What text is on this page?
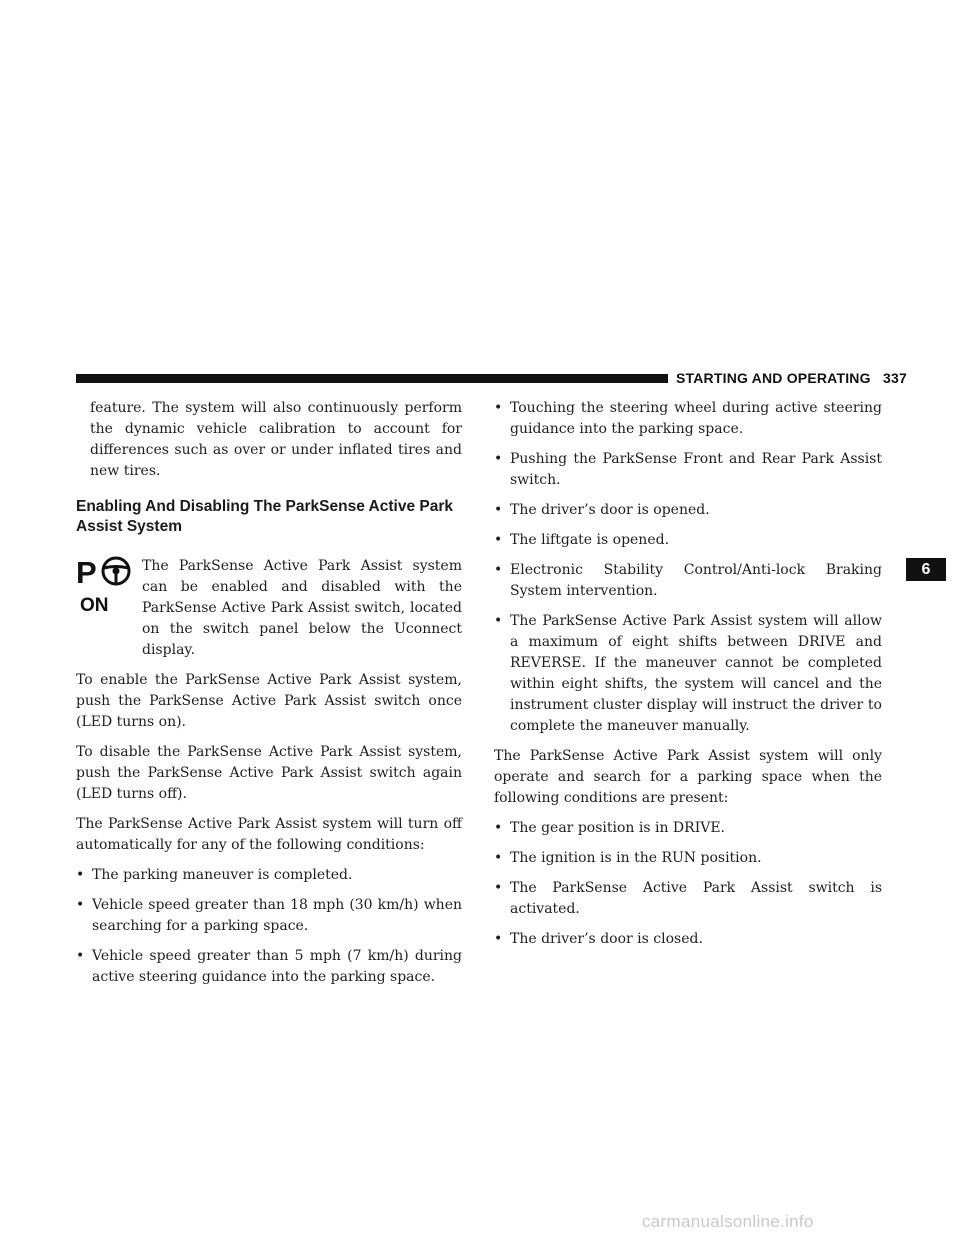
STARTING AND OPERATING 337

feature. The system will also continuously perform the dynamic vehicle calibration to account for differences such as over or under inflated tires and new tires.

Enabling And Disabling The ParkSense Active Park Assist System
P
ON

The ParkSense Active Park Assist system can be enabled and disabled with the ParkSense Active Park Assist switch, located on the switch panel below the Uconnect display.

To enable the ParkSense Active Park Assist system, push the ParkSense Active Park Assist switch once (LED turns on).

To disable the ParkSense Active Park Assist system, push the ParkSense Active Park Assist switch again (LED turns off).

The ParkSense Active Park Assist system will turn off automatically for any of the following conditions:

• The parking maneuver is completed.
• Vehicle speed greater than 18 mph (30 km/h) when searching for a parking space.
• Vehicle speed greater than 5 mph (7 km/h) during active steering guidance into the parking space.
• Touching the steering wheel during active steering guidance into the parking space.
• Pushing the ParkSense Front and Rear Park Assist switch.
• The driver’s door is opened.
• The liftgate is opened.
• Electronic Stability Control/Anti-lock Braking System intervention.
• The ParkSense Active Park Assist system will allow a maximum of eight shifts between DRIVE and REVERSE. If the maneuver cannot be completed within eight shifts, the system will cancel and the instrument cluster display will instruct the driver to complete the maneuver manually.

The ParkSense Active Park Assist system will only operate and search for a parking space when the following conditions are present:

• The gear position is in DRIVE.
• The ignition is in the RUN position.
• The ParkSense Active Park Assist switch is activated.
• The driver’s door is closed.
6
carmanualsonline.info
